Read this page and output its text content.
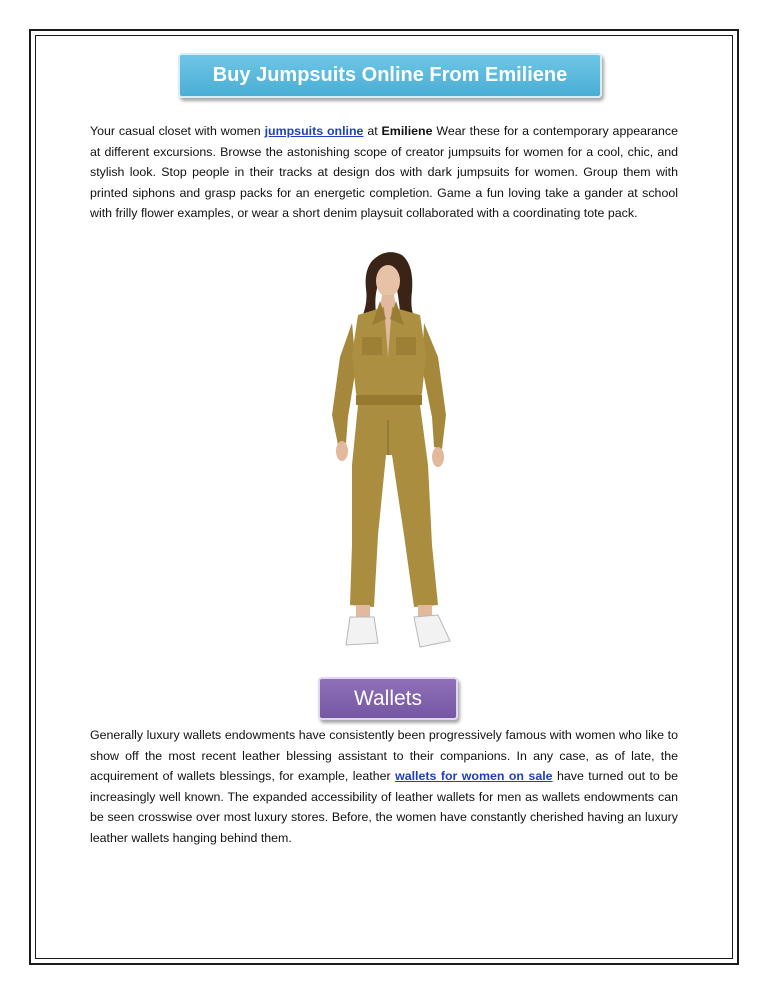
Buy Jumpsuits Online From Emiliene

Your casual closet with women jumpsuits online at Emiliene Wear these for a contemporary appearance at different excursions. Browse the astonishing scope of creator jumpsuits for women for a cool, chic, and stylish look. Stop people in their tracks at design dos with dark jumpsuits for women. Group them with printed siphons and grasp packs for an energetic completion. Game a fun loving take a gander at school with frilly flower examples, or wear a short denim playsuit collaborated with a coordinating tote pack.

Wallets

Generally luxury wallets endowments have consistently been progressively famous with women who like to show off the most recent leather blessing assistant to their companions. In any case, as of late, the acquirement of wallets blessings, for example, leather wallets for women on sale have turned out to be increasingly well known. The expanded accessibility of leather wallets for men as wallets endowments can be seen crosswise over most luxury stores. Before, the women have constantly cherished having an luxury leather wallets hanging behind them.
